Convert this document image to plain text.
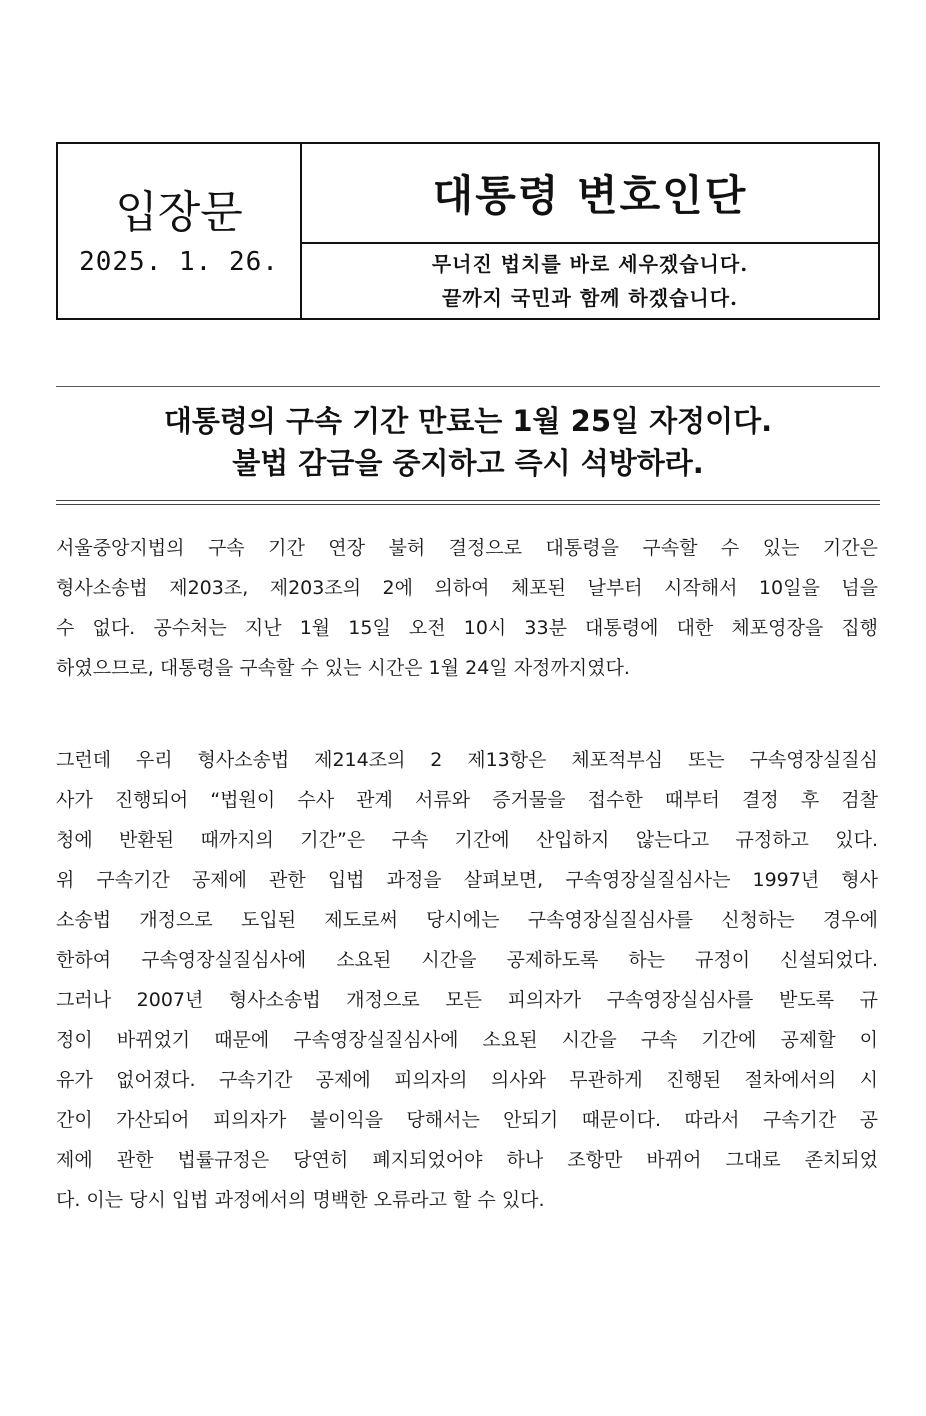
입장문
2025. 1. 26.
대통령 변호인단
무너진 법치를 바로 세우겠습니다.
끝까지 국민과 함께 하겠습니다.
대통령의 구속 기간 만료는 1월 25일 자정이다.
불법 감금을 중지하고 즉시 석방하라.
서울중앙지법의 구속 기간 연장 불허 결정으로 대통령을 구속할 수 있는 기간은
형사소송법 제203조, 제203조의 2에 의하여 체포된 날부터 시작해서 10일을 넘을
수 없다. 공수처는 지난 1월 15일 오전 10시 33분 대통령에 대한 체포영장을 집행
하였으므로, 대통령을 구속할 수 있는 시간은 1월 24일 자정까지였다.
그런데 우리 형사소송법 제214조의 2 제13항은 체포적부심 또는 구속영장실질심
사가 진행되어 “법원이 수사 관계 서류와 증거물을 접수한 때부터 결정 후 검찰
청에 반환된 때까지의 기간”은 구속 기간에 산입하지 않는다고 규정하고 있다.
위 구속기간 공제에 관한 입법 과정을 살펴보면, 구속영장실질심사는 1997년 형사
소송법 개정으로 도입된 제도로써 당시에는 구속영장실질심사를 신청하는 경우에
한하여 구속영장실질심사에 소요된 시간을 공제하도록 하는 규정이 신설되었다.
그러나 2007년 형사소송법 개정으로 모든 피의자가 구속영장실심사를 받도록 규
정이 바뀌었기 때문에 구속영장실질심사에 소요된 시간을 구속 기간에 공제할 이
유가 없어졌다. 구속기간 공제에 피의자의 의사와 무관하게 진행된 절차에서의 시
간이 가산되어 피의자가 불이익을 당해서는 안되기 때문이다. 따라서 구속기간 공
제에 관한 법률규정은 당연히 폐지되었어야 하나 조항만 바뀌어 그대로 존치되었
다. 이는 당시 입법 과정에서의 명백한 오류라고 할 수 있다.
